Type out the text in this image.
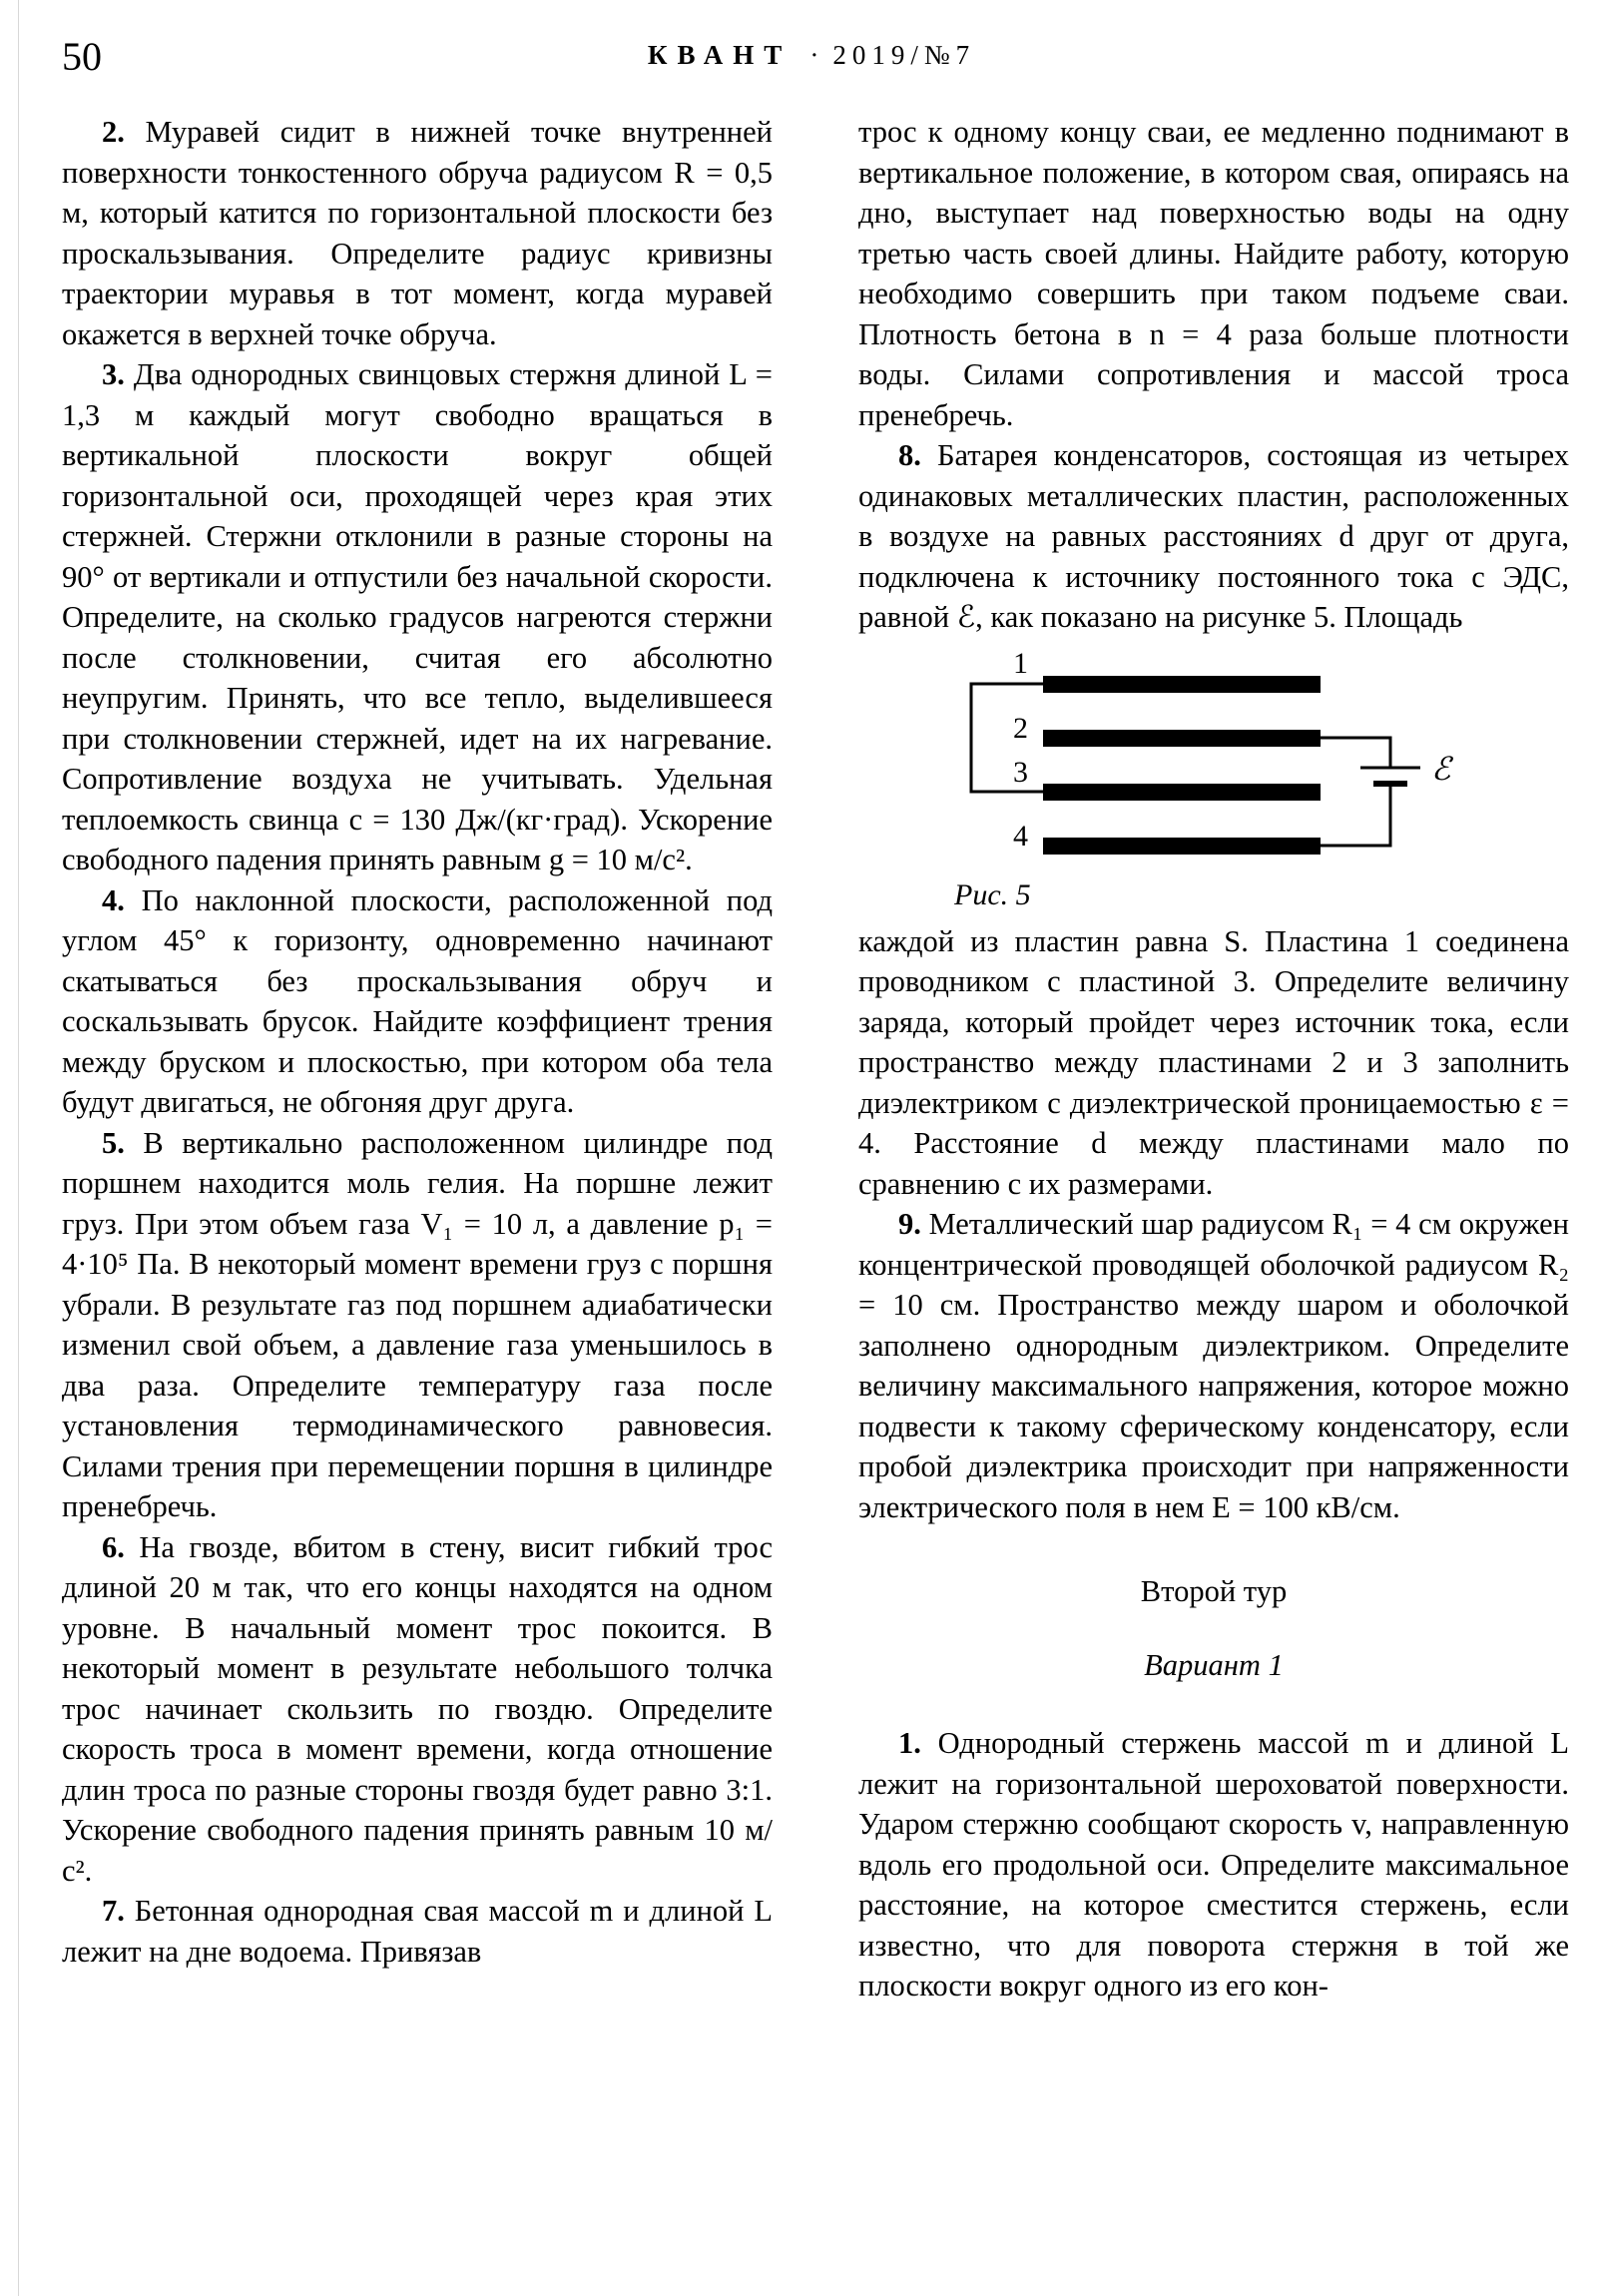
50	КВАНТ · 2019/№7

2. Муравей сидит в нижней точке внутренней поверхности тонкостенного обруча радиусом R = 0,5 м, который катится по горизонтальной плоскости без проскальзывания. Определите радиус кривизны траектории муравья в тот момент, когда муравей окажется в верхней точке обруча.

3. Два однородных свинцовых стержня длиной L = 1,3 м каждый могут свободно вращаться в вертикальной плоскости вокруг общей горизонтальной оси, проходящей через края этих стержней. Стержни отклонили в разные стороны на 90° от вертикали и отпустили без начальной скорости. Определите, на сколько градусов нагреются стержни после столкновении, считая его абсолютно неупругим. Принять, что все тепло, выделившееся при столкновении стержней, идет на их нагревание. Сопротивление воздуха не учитывать. Удельная теплоемкость свинца c = 130 Дж/(кг·град). Ускорение свободного падения принять равным g = 10 м/с².

4. По наклонной плоскости, расположенной под углом 45° к горизонту, одновременно начинают скатываться без проскальзывания обруч и соскальзывать брусок. Найдите коэффициент трения между бруском и плоскостью, при котором оба тела будут двигаться, не обгоняя друг друга.

5. В вертикально расположенном цилиндре под поршнем находится моль гелия. На поршне лежит груз. При этом объем газа V₁ = 10 л, а давление p₁ = 4·10⁵ Па. В некоторый момент времени груз с поршня убрали. В результате газ под поршнем адиабатически изменил свой объем, а давление газа уменьшилось в два раза. Определите температуру газа после установления термодинамического равновесия. Силами трения при перемещении поршня в цилиндре пренебречь.

6. На гвозде, вбитом в стену, висит гибкий трос длиной 20 м так, что его концы находятся на одном уровне. В начальный момент трос покоится. В некоторый момент в результате небольшого толчка трос начинает скользить по гвоздю. Определите скорость троса в момент времени, когда отношение длин троса по разные стороны гвоздя будет равно 3:1. Ускорение свободного падения принять равным 10 м/с².

7. Бетонная однородная свая массой m и длиной L лежит на дне водоема. Привязав

трос к одному концу сваи, ее медленно поднимают в вертикальное положение, в котором свая, опираясь на дно, выступает над поверхностью воды на одну третью часть своей длины. Найдите работу, которую необходимо совершить при таком подъеме сваи. Плотность бетона в n = 4 раза больше плотности воды. Силами сопротивления и массой троса пренебречь.

8. Батарея конденсаторов, состоящая из четырех одинаковых металлических пластин, расположенных в воздухе на равных расстояниях d друг от друга, подключена к источнику постоянного тока с ЭДС, равной ℰ, как показано на рисунке 5. Площадь

1
2
3
4
ℰ
Рис. 5

каждой из пластин равна S. Пластина 1 соединена проводником с пластиной 3. Определите величину заряда, который пройдет через источник тока, если пространство между пластинами 2 и 3 заполнить диэлектриком с диэлектрической проницаемостью ε = 4. Расстояние d между пластинами мало по сравнению с их размерами.

9. Металлический шар радиусом R₁ = 4 см окружен концентрической проводящей оболочкой радиусом R₂ = 10 см. Пространство между шаром и оболочкой заполнено однородным диэлектриком. Определите величину максимального напряжения, которое можно подвести к такому сферическому конденсатору, если пробой диэлектрика происходит при напряженности электрического поля в нем E = 100 кВ/см.

Второй тур
Вариант 1

1. Однородный стержень массой m и длиной L лежит на горизонтальной шероховатой поверхности. Ударом стержню сообщают скорость v, направленную вдоль его продольной оси. Определите максимальное расстояние, на которое сместится стержень, если известно, что для поворота стержня в той же плоскости вокруг одного из его кон-
